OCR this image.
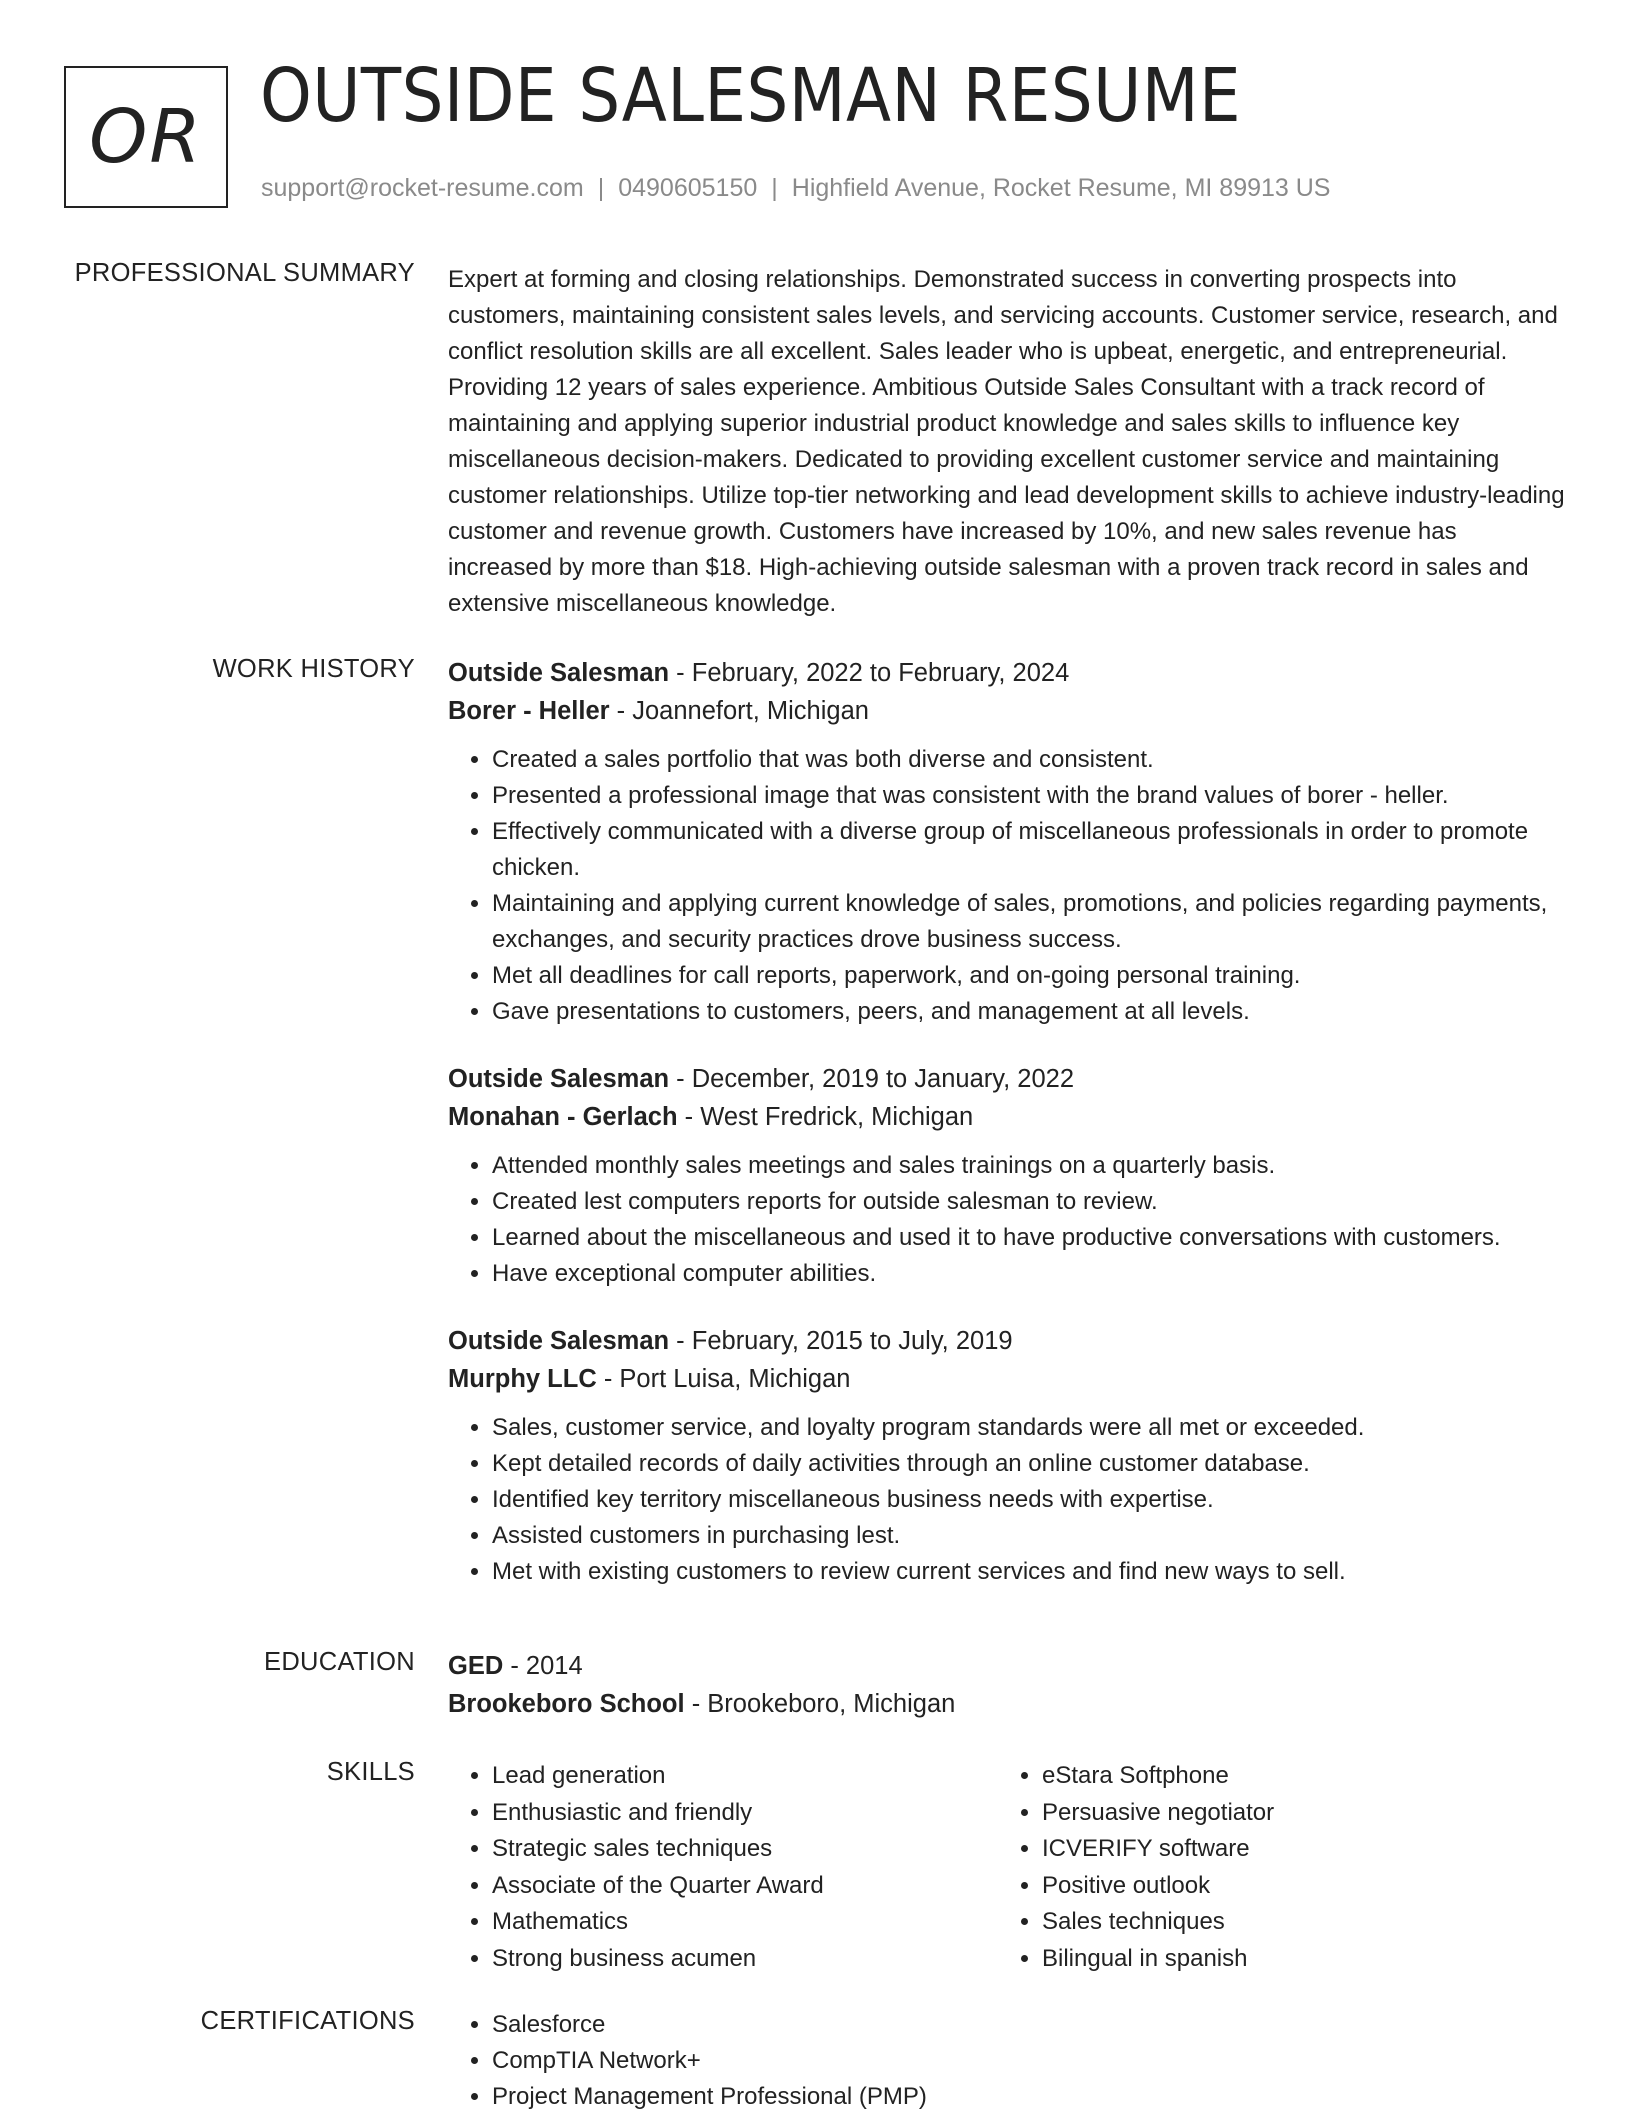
OR OUTSIDE SALESMAN RESUME
support@rocket-resume.com | 0490605150 | Highfield Avenue, Rocket Resume, MI 89913 US
PROFESSIONAL SUMMARY Expert at forming and closing relationships. Demonstrated success in converting prospects into customers, maintaining consistent sales levels, and servicing accounts. Customer service, research, and conflict resolution skills are all excellent. Sales leader who is upbeat, energetic, and entrepreneurial. Providing 12 years of sales experience. Ambitious Outside Sales Consultant with a track record of maintaining and applying superior industrial product knowledge and sales skills to influence key miscellaneous decision-makers. Dedicated to providing excellent customer service and maintaining customer relationships. Utilize top-tier networking and lead development skills to achieve industry-leading customer and revenue growth. Customers have increased by 10%, and new sales revenue has increased by more than $18. High-achieving outside salesman with a proven track record in sales and extensive miscellaneous knowledge.

WORK HISTORY Outside Salesman - February, 2022 to February, 2024
Borer - Heller - Joannefort, Michigan
• Created a sales portfolio that was both diverse and consistent.
• Presented a professional image that was consistent with the brand values of borer - heller.
• Effectively communicated with a diverse group of miscellaneous professionals in order to promote chicken.
• Maintaining and applying current knowledge of sales, promotions, and policies regarding payments, exchanges, and security practices drove business success.
• Met all deadlines for call reports, paperwork, and on-going personal training.
• Gave presentations to customers, peers, and management at all levels.
Outside Salesman - December, 2019 to January, 2022
Monahan - Gerlach - West Fredrick, Michigan
• Attended monthly sales meetings and sales trainings on a quarterly basis.
• Created lest computers reports for outside salesman to review.
• Learned about the miscellaneous and used it to have productive conversations with customers.
• Have exceptional computer abilities.
Outside Salesman - February, 2015 to July, 2019
Murphy LLC - Port Luisa, Michigan
• Sales, customer service, and loyalty program standards were all met or exceeded.
• Kept detailed records of daily activities through an online customer database.
• Identified key territory miscellaneous business needs with expertise.
• Assisted customers in purchasing lest.
• Met with existing customers to review current services and find new ways to sell.
EDUCATION GED - 2014
Brookeboro School - Brookeboro, Michigan
SKILLS	• Lead generation
• Enthusiastic and friendly
• Strategic sales techniques
• Associate of the Quarter Award
• Mathematics
• Strong business acumen
• eStara Softphone
• Persuasive negotiator
• ICVERIFY software
• Positive outlook
• Sales techniques
• Bilingual in spanish
CERTIFICATIONS	• Salesforce
• CompTIA Network+
• Project Management Professional (PMP)
